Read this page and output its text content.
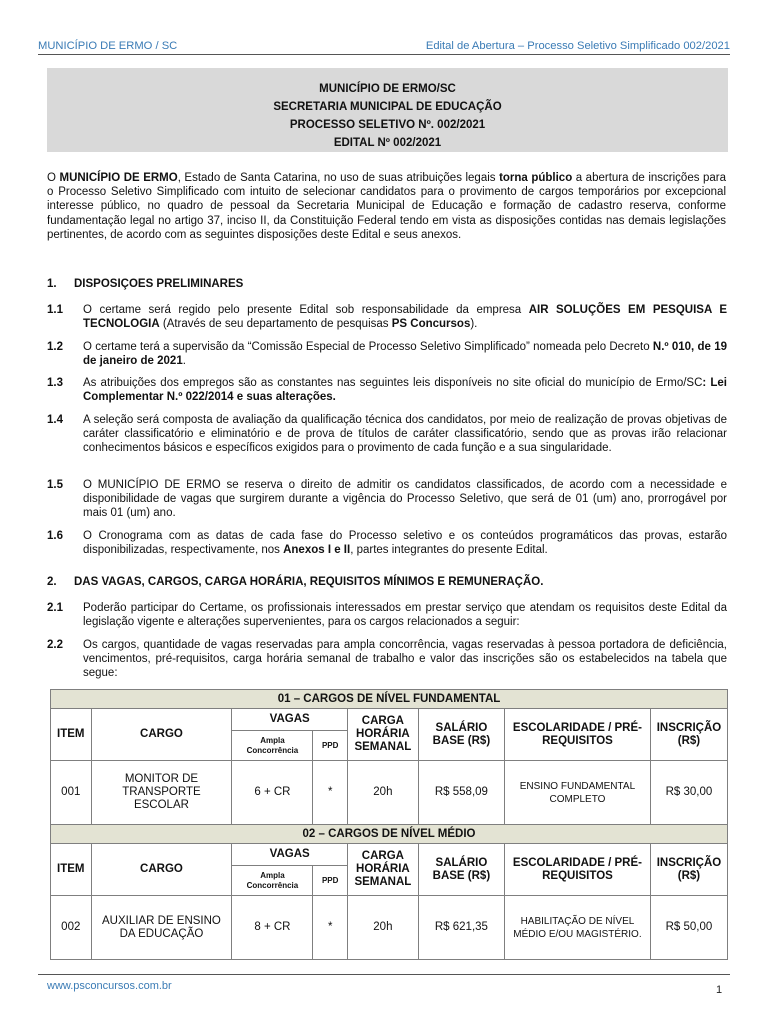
MUNICÍPIO DE ERMO / SC	Edital de Abertura – Processo Seletivo Simplificado 002/2021
MUNICÍPIO DE ERMO/SC
SECRETARIA MUNICIPAL DE EDUCAÇÃO
PROCESSO SELETIVO Nº. 002/2021
EDITAL Nº 002/2021
O MUNICÍPIO DE ERMO, Estado de Santa Catarina, no uso de suas atribuições legais torna público a abertura de inscrições para o Processo Seletivo Simplificado com intuito de selecionar candidatos para o provimento de cargos temporários por excepcional interesse público, no quadro de pessoal da Secretaria Municipal de Educação e formação de cadastro reserva, conforme fundamentação legal no artigo 37, inciso II, da Constituição Federal tendo em vista as disposições contidas nas demais legislações pertinentes, de acordo com as seguintes disposições deste Edital e seus anexos.
1. DISPOSIÇOES PRELIMINARES
1.1 O certame será regido pelo presente Edital sob responsabilidade da empresa AIR SOLUÇÕES EM PESQUISA E TECNOLOGIA (Através de seu departamento de pesquisas PS Concursos).
1.2 O certame terá a supervisão da “Comissão Especial de Processo Seletivo Simplificado” nomeada pelo Decreto N.º 010, de 19 de janeiro de 2021.
1.3 As atribuições dos empregos são as constantes nas seguintes leis disponíveis no site oficial do município de Ermo/SC: Lei Complementar N.º 022/2014 e suas alterações.
1.4 A seleção será composta de avaliação da qualificação técnica dos candidatos, por meio de realização de provas objetivas de caráter classificatório e eliminatório e de prova de títulos de caráter classificatório, sendo que as provas irão relacionar conhecimentos básicos e específicos exigidos para o provimento de cada função e a sua singularidade.
1.5 O MUNICÍPIO DE ERMO se reserva o direito de admitir os candidatos classificados, de acordo com a necessidade e disponibilidade de vagas que surgirem durante a vigência do Processo Seletivo, que será de 01 (um) ano, prorrogável por mais 01 (um) ano.
1.6 O Cronograma com as datas de cada fase do Processo seletivo e os conteúdos programáticos das provas, estarão disponibilizadas, respectivamente, nos Anexos I e II, partes integrantes do presente Edital.
2. DAS VAGAS, CARGOS, CARGA HORÁRIA, REQUISITOS MÍNIMOS E REMUNERAÇÃO.
2.1 Poderão participar do Certame, os profissionais interessados em prestar serviço que atendam os requisitos deste Edital da legislação vigente e alterações supervenientes, para os cargos relacionados a seguir:
2.2 Os cargos, quantidade de vagas reservadas para ampla concorrência, vagas reservadas à pessoa portadora de deficiência, vencimentos, pré-requisitos, carga horária semanal de trabalho e valor das inscrições são os estabelecidos na tabela que segue:
01 – CARGOS DE NÍVEL FUNDAMENTAL							
ITEM	CARGO	VAGAS		CARGA HORÁRIA SEMANAL	SALÁRIO BASE (R$)	ESCOLARIDADE / PRÉ-REQUISITOS	INSCRIÇÃO (R$)
		Ampla Concorrência	PPD				
001	MONITOR DE TRANSPORTE ESCOLAR	6 + CR	*	20h	R$ 558,09	ENSINO FUNDAMENTAL COMPLETO	R$ 30,00
02 – CARGOS DE NÍVEL MÉDIO							
ITEM	CARGO	VAGAS		CARGA HORÁRIA SEMANAL	SALÁRIO BASE (R$)	ESCOLARIDADE / PRÉ-REQUISITOS	INSCRIÇÃO (R$)
		Ampla Concorrência	PPD				
002	AUXILIAR DE ENSINO DA EDUCAÇÃO	8 + CR	*	20h	R$ 621,35	HABILITAÇÃO DE NÍVEL MÉDIO E/OU MAGISTÉRIO.	R$ 50,00
www.psconcursos.com.br	1
